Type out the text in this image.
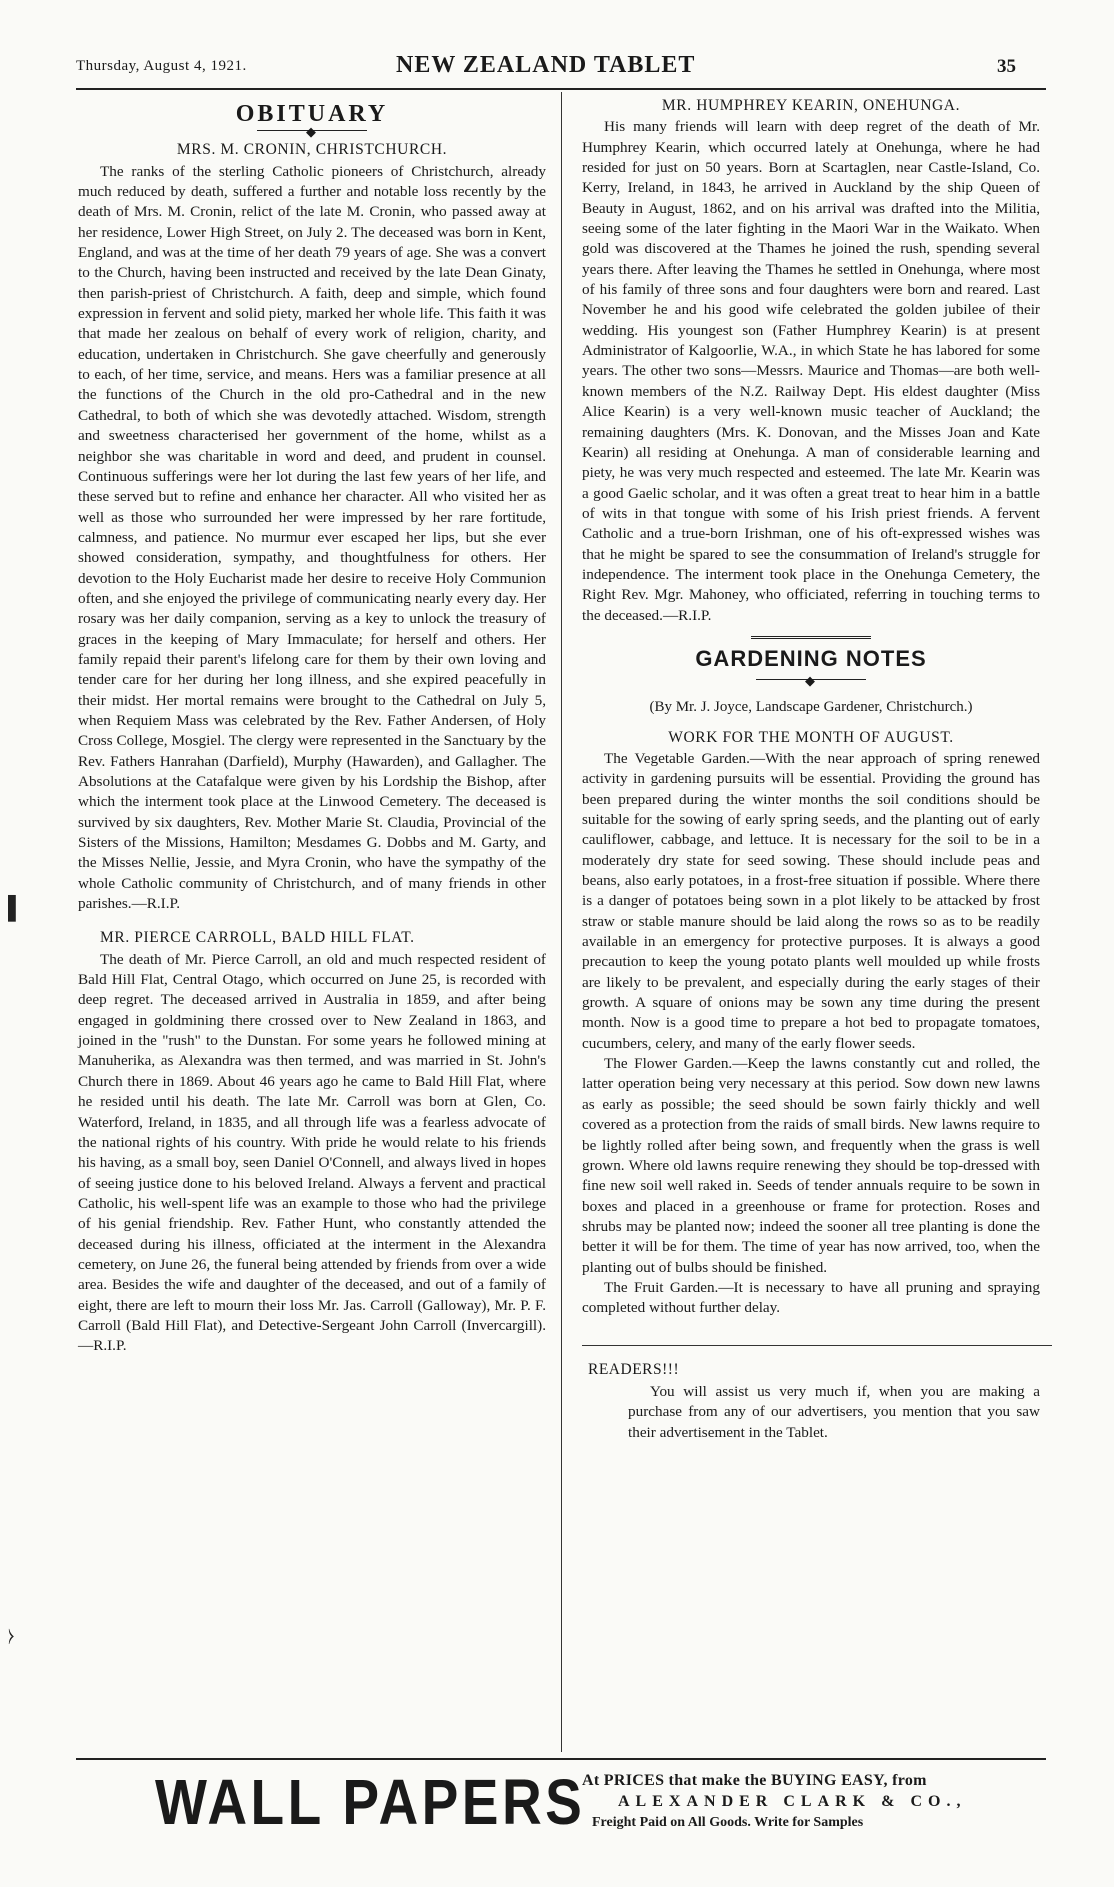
Thursday, August 4, 1921.	NEW ZEALAND TABLET	35
OBITUARY
◆
MRS. M. CRONIN, CHRISTCHURCH.

The ranks of the sterling Catholic pioneers of Christchurch, already much reduced by death, suffered a further and notable loss recently by the death of Mrs. M. Cronin, relict of the late M. Cronin, who passed away at her residence, Lower High Street, on July 2. The deceased was born in Kent, England, and was at the time of her death 79 years of age. She was a convert to the Church, having been instructed and received by the late Dean Ginaty, then parish-priest of Christchurch. A faith, deep and simple, which found expression in fervent and solid piety, marked her whole life. This faith it was that made her zealous on behalf of every work of religion, charity, and education, undertaken in Christchurch. She gave cheerfully and generously to each, of her time, service, and means. Hers was a familiar presence at all the functions of the Church in the old pro-Cathedral and in the new Cathedral, to both of which she was devotedly attached. Wisdom, strength and sweetness characterised her government of the home, whilst as a neighbor she was charitable in word and deed, and prudent in counsel. Continuous sufferings were her lot during the last few years of her life, and these served but to refine and enhance her character. All who visited her as well as those who surrounded her were impressed by her rare fortitude, calmness, and patience. No murmur ever escaped her lips, but she ever showed consideration, sympathy, and thoughtfulness for others. Her devotion to the Holy Eucharist made her desire to receive Holy Communion often, and she enjoyed the privilege of communicating nearly every day. Her rosary was her daily companion, serving as a key to unlock the treasury of graces in the keeping of Mary Immaculate; for herself and others. Her family repaid their parent's lifelong care for them by their own loving and tender care for her during her long illness, and she expired peacefully in their midst. Her mortal remains were brought to the Cathedral on July 5, when Requiem Mass was celebrated by the Rev. Father Andersen, of Holy Cross College, Mosgiel. The clergy were represented in the Sanctuary by the Rev. Fathers Hanrahan (Darfield), Murphy (Hawarden), and Gallagher. The Absolutions at the Catafalque were given by his Lordship the Bishop, after which the interment took place at the Linwood Cemetery. The deceased is survived by six daughters, Rev. Mother Marie St. Claudia, Provincial of the Sisters of the Missions, Hamilton; Mesdames G. Dobbs and M. Garty, and the Misses Nellie, Jessie, and Myra Cronin, who have the sympathy of the whole Catholic community of Christchurch, and of many friends in other parishes.—R.I.P.

MR. PIERCE CARROLL, BALD HILL FLAT.

The death of Mr. Pierce Carroll, an old and much respected resident of Bald Hill Flat, Central Otago, which occurred on June 25, is recorded with deep regret. The deceased arrived in Australia in 1859, and after being engaged in goldmining there crossed over to New Zealand in 1863, and joined in the "rush" to the Dunstan. For some years he followed mining at Manuherika, as Alexandra was then termed, and was married in St. John's Church there in 1869. About 46 years ago he came to Bald Hill Flat, where he resided until his death. The late Mr. Carroll was born at Glen, Co. Waterford, Ireland, in 1835, and all through life was a fearless advocate of the national rights of his country. With pride he would relate to his friends his having, as a small boy, seen Daniel O'Connell, and always lived in hopes of seeing justice done to his beloved Ireland. Always a fervent and practical Catholic, his well-spent life was an example to those who had the privilege of his genial friendship. Rev. Father Hunt, who constantly attended the deceased during his illness, officiated at the interment in the Alexandra cemetery, on June 26, the funeral being attended by friends from over a wide area. Besides the wife and daughter of the deceased, and out of a family of eight, there are left to mourn their loss Mr. Jas. Carroll (Galloway), Mr. P. F. Carroll (Bald Hill Flat), and Detective-Sergeant John Carroll (Invercargill).—R.I.P.

MR. HUMPHREY KEARIN, ONEHUNGA.

His many friends will learn with deep regret of the death of Mr. Humphrey Kearin, which occurred lately at Onehunga, where he had resided for just on 50 years. Born at Scartaglen, near Castle-Island, Co. Kerry, Ireland, in 1843, he arrived in Auckland by the ship Queen of Beauty in August, 1862, and on his arrival was drafted into the Militia, seeing some of the later fighting in the Maori War in the Waikato. When gold was discovered at the Thames he joined the rush, spending several years there. After leaving the Thames he settled in Onehunga, where most of his family of three sons and four daughters were born and reared. Last November he and his good wife celebrated the golden jubilee of their wedding. His youngest son (Father Humphrey Kearin) is at present Administrator of Kalgoorlie, W.A., in which State he has labored for some years. The other two sons—Messrs. Maurice and Thomas—are both well-known members of the N.Z. Railway Dept. His eldest daughter (Miss Alice Kearin) is a very well-known music teacher of Auckland; the remaining daughters (Mrs. K. Donovan, and the Misses Joan and Kate Kearin) all residing at Onehunga. A man of considerable learning and piety, he was very much respected and esteemed. The late Mr. Kearin was a good Gaelic scholar, and it was often a great treat to hear him in a battle of wits in that tongue with some of his Irish priest friends. A fervent Catholic and a true-born Irishman, one of his oft-expressed wishes was that he might be spared to see the consummation of Ireland's struggle for independence. The interment took place in the Onehunga Cemetery, the Right Rev. Mgr. Mahoney, who officiated, referring in touching terms to the deceased.—R.I.P.

GARDENING NOTES
◆
(By Mr. J. Joyce, Landscape Gardener, Christchurch.)
WORK FOR THE MONTH OF AUGUST.

The Vegetable Garden.—With the near approach of spring renewed activity in gardening pursuits will be essential. Providing the ground has been prepared during the winter months the soil conditions should be suitable for the sowing of early spring seeds, and the planting out of early cauliflower, cabbage, and lettuce. It is necessary for the soil to be in a moderately dry state for seed sowing. These should include peas and beans, also early potatoes, in a frost-free situation if possible. Where there is a danger of potatoes being sown in a plot likely to be attacked by frost straw or stable manure should be laid along the rows so as to be readily available in an emergency for protective purposes. It is always a good precaution to keep the young potato plants well moulded up while frosts are likely to be prevalent, and especially during the early stages of their growth. A square of onions may be sown any time during the present month. Now is a good time to prepare a hot bed to propagate tomatoes, cucumbers, celery, and many of the early flower seeds.

The Flower Garden.—Keep the lawns constantly cut and rolled, the latter operation being very necessary at this period. Sow down new lawns as early as possible; the seed should be sown fairly thickly and well covered as a protection from the raids of small birds. New lawns require to be lightly rolled after being sown, and frequently when the grass is well grown. Where old lawns require renewing they should be top-dressed with fine new soil well raked in. Seeds of tender annuals require to be sown in boxes and placed in a greenhouse or frame for protection. Roses and shrubs may be planted now; indeed the sooner all tree planting is done the better it will be for them. The time of year has now arrived, too, when the planting out of bulbs should be finished.

The Fruit Garden.—It is necessary to have all pruning and spraying completed without further delay.

READERS!!!

You will assist us very much if, when you are making a purchase from any of our advertisers, you mention that you saw their advertisement in the Tablet.

WALL PAPERS
At PRICES that make the BUYING EASY, from
ALEXANDER CLARK & CO.,
Freight Paid on All Goods. Write for Samples
▌
⧽
